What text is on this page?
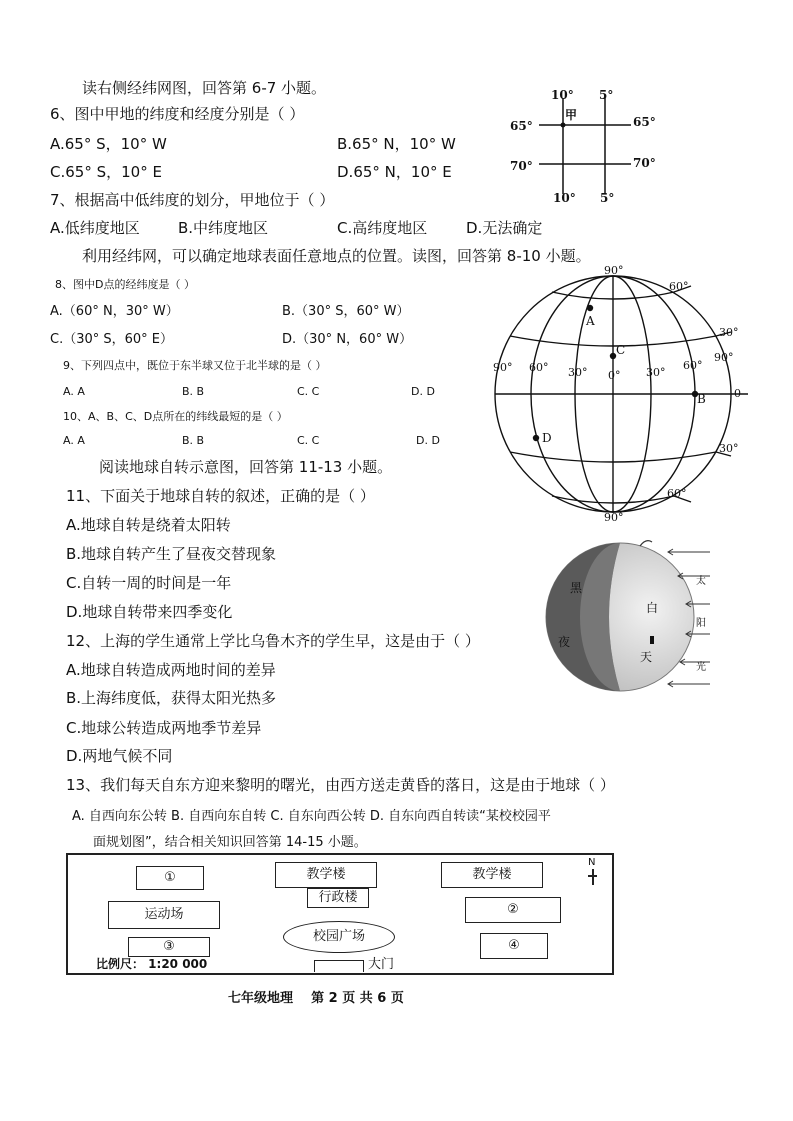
读右侧经纬网图，回答第 6-7 小题。
6、图中甲地的纬度和经度分别是（ ）
A.65° S，10° W	B.65° N，10° W
C.65° S，10° E	D.65° N，10° E
7、根据高中低纬度的划分，甲地位于（ ）
A.低纬度地区	B.中纬度地区	C.高纬度地区	D.无法确定
10° 5°
甲
65°	65°
70°	70°
10° 5°
利用经纬网，可以确定地球表面任意地点的位置。读图，回答第 8-10 小题。
8、图中D点的经纬度是（ ）
A.（60° N，30° W）	B.（30° S，60° W）
C.（30° S，60° E）	D.（30° N，60° W）
9、下列四点中，既位于东半球又位于北半球的是（ ）
A. A	B. B	C. C	D. D
10、A、B、C、D点所在的纬线最短的是（ ）
A. A	B. B	C. C	D. D
A
B
C
D
90°
90°
60°
30°
30°
60°
0
90° 60° 30° 0° 30°
60°
90°
阅读地球自转示意图，回答第 11-13 小题。
11、下面关于地球自转的叙述，正确的是（ ）
A.地球自转是绕着太阳转
B.地球自转产生了昼夜交替现象
C.自转一周的时间是一年
D.地球自转带来四季变化
12、上海的学生通常上学比乌鲁木齐的学生早，这是由于（ ）
A.地球自转造成两地时间的差异
B.上海纬度低，获得太阳光热多
C.地球公转造成两地季节差异
D.两地气候不同
13、我们每天自东方迎来黎明的曙光，由西方送走黄昏的落日，这是由于地球（ ）
A. 自西向东公转 B. 自西向东自转 C. 自东向西公转 D. 自东向西自转读“某校校园平
面规划图”，结合相关知识回答第 14-15 小题。
黑
夜
白
天
太
阳
光
①	教学楼	教学楼
行政楼
运动场	②
校园广场
③	④
大门
比例尺： 1:20 000
N
七年级地理    第 2 页 共 6 页
